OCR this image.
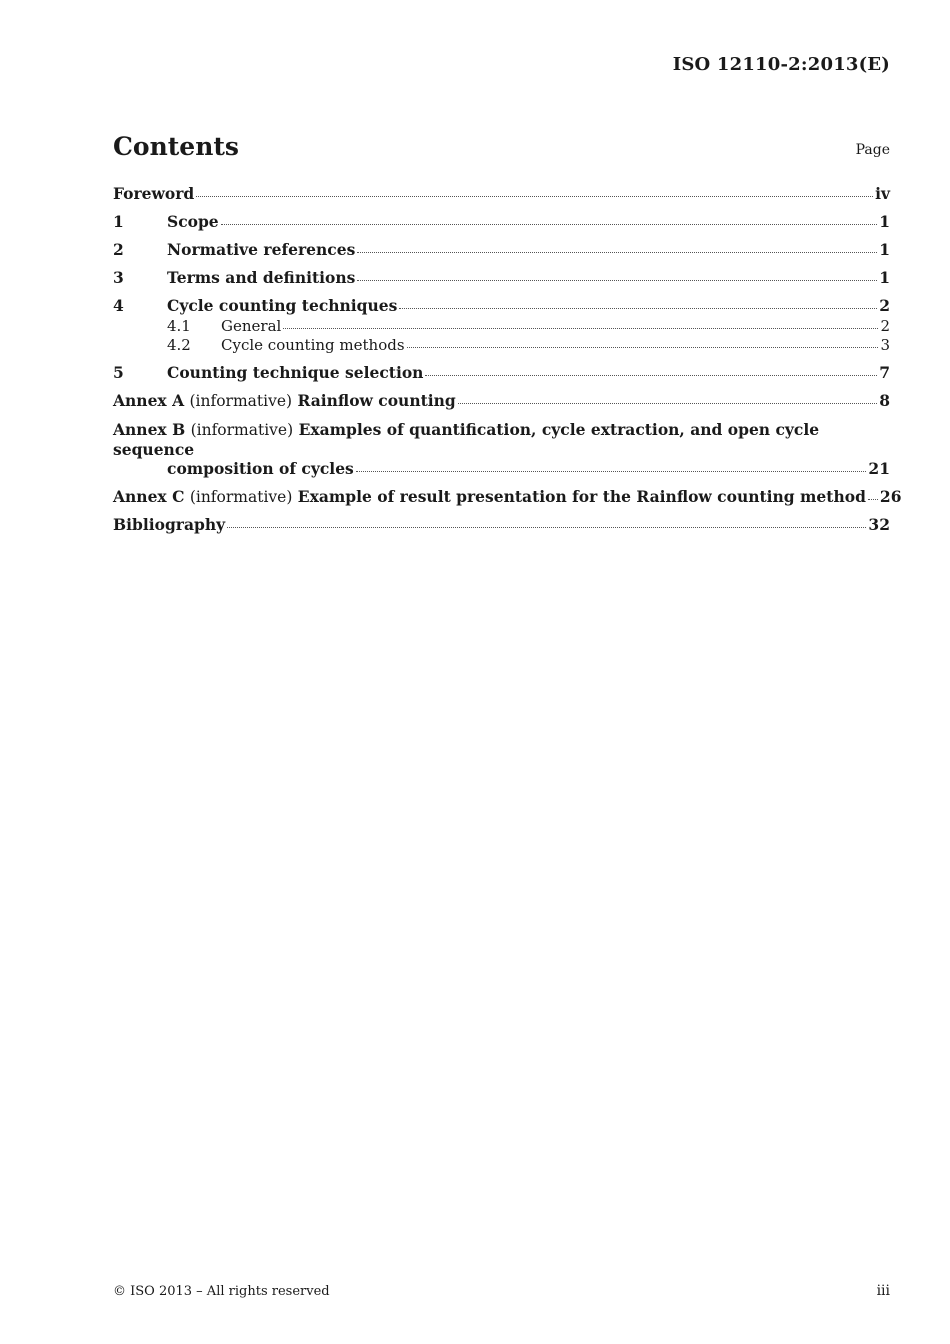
ISO 12110-2:2013(E)
Contents	Page
Foreword	iv
1	Scope	1
2	Normative references	1
3	Terms and definitions	1
4	Cycle counting techniques	2
4.1	General	2
4.2	Cycle counting methods	3
5	Counting technique selection	7
Annex A (informative) Rainflow counting	8
Annex B (informative) Examples of quantification, cycle extraction, and open cycle sequence
composition of cycles	21
Annex C (informative) Example of result presentation for the Rainflow counting method 26
Bibliography	32
© ISO 2013 – All rights reserved	iii
